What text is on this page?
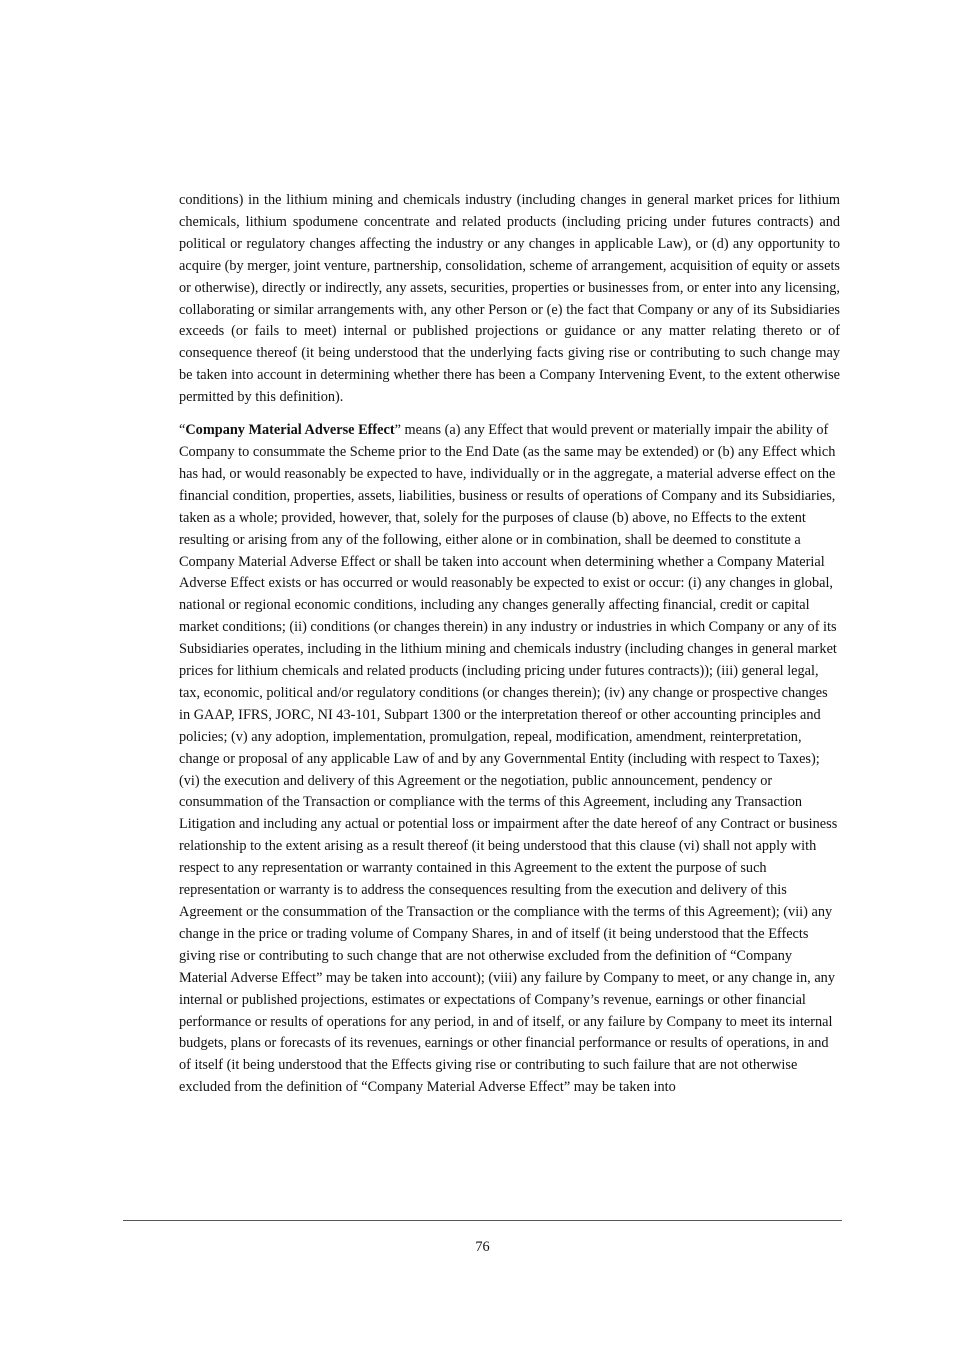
conditions) in the lithium mining and chemicals industry (including changes in general market prices for lithium chemicals, lithium spodumene concentrate and related products (including pricing under futures contracts) and political or regulatory changes affecting the industry or any changes in applicable Law), or (d) any opportunity to acquire (by merger, joint venture, partnership, consolidation, scheme of arrangement, acquisition of equity or assets or otherwise), directly or indirectly, any assets, securities, properties or businesses from, or enter into any licensing, collaborating or similar arrangements with, any other Person or (e) the fact that Company or any of its Subsidiaries exceeds (or fails to meet) internal or published projections or guidance or any matter relating thereto or of consequence thereof (it being understood that the underlying facts giving rise or contributing to such change may be taken into account in determining whether there has been a Company Intervening Event, to the extent otherwise permitted by this definition).

“Company Material Adverse Effect” means (a) any Effect that would prevent or materially impair the ability of Company to consummate the Scheme prior to the End Date (as the same may be extended) or (b) any Effect which has had, or would reasonably be expected to have, individually or in the aggregate, a material adverse effect on the financial condition, properties, assets, liabilities, business or results of operations of Company and its Subsidiaries, taken as a whole; provided, however, that, solely for the purposes of clause (b) above, no Effects to the extent resulting or arising from any of the following, either alone or in combination, shall be deemed to constitute a Company Material Adverse Effect or shall be taken into account when determining whether a Company Material Adverse Effect exists or has occurred or would reasonably be expected to exist or occur: (i) any changes in global, national or regional economic conditions, including any changes generally affecting financial, credit or capital market conditions; (ii) conditions (or changes therein) in any industry or industries in which Company or any of its Subsidiaries operates, including in the lithium mining and chemicals industry (including changes in general market prices for lithium chemicals and related products (including pricing under futures contracts)); (iii) general legal, tax, economic, political and/or regulatory conditions (or changes therein); (iv) any change or prospective changes in GAAP, IFRS, JORC, NI 43-101, Subpart 1300 or the interpretation thereof or other accounting principles and policies; (v) any adoption, implementation, promulgation, repeal, modification, amendment, reinterpretation, change or proposal of any applicable Law of and by any Governmental Entity (including with respect to Taxes); (vi) the execution and delivery of this Agreement or the negotiation, public announcement, pendency or consummation of the Transaction or compliance with the terms of this Agreement, including any Transaction Litigation and including any actual or potential loss or impairment after the date hereof of any Contract or business relationship to the extent arising as a result thereof (it being understood that this clause (vi) shall not apply with respect to any representation or warranty contained in this Agreement to the extent the purpose of such representation or warranty is to address the consequences resulting from the execution and delivery of this Agreement or the consummation of the Transaction or the compliance with the terms of this Agreement); (vii) any change in the price or trading volume of Company Shares, in and of itself (it being understood that the Effects giving rise or contributing to such change that are not otherwise excluded from the definition of “Company Material Adverse Effect” may be taken into account); (viii) any failure by Company to meet, or any change in, any internal or published projections, estimates or expectations of Company’s revenue, earnings or other financial performance or results of operations for any period, in and of itself, or any failure by Company to meet its internal budgets, plans or forecasts of its revenues, earnings or other financial performance or results of operations, in and of itself (it being understood that the Effects giving rise or contributing to such failure that are not otherwise excluded from the definition of “Company Material Adverse Effect” may be taken into

76
